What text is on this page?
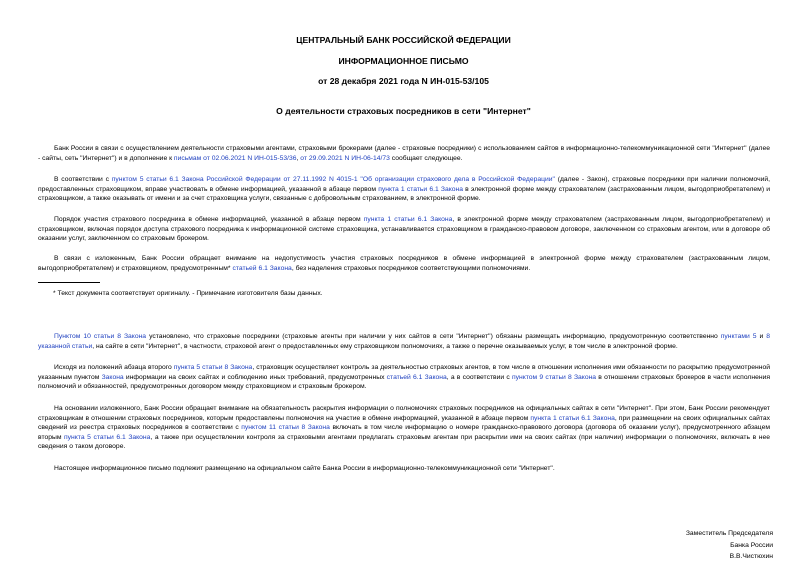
ЦЕНТРАЛЬНЫЙ БАНК РОССИЙСКОЙ ФЕДЕРАЦИИ
ИНФОРМАЦИОННОЕ ПИСЬМО
от 28 декабря 2021 года N ИН-015-53/105
О деятельности страховых посредников в сети "Интернет"
Банк России в связи с осуществлением деятельности страховыми агентами, страховыми брокерами (далее - страховые посредники) с использованием сайтов в информационно-телекоммуникационной сети "Интернет" (далее - сайты, сеть "Интернет") и в дополнение к письмам от 02.06.2021 N ИН-015-53/36, от 29.09.2021 N ИН-06-14/73 сообщает следующее.
В соответствии с пунктом 5 статьи 6.1 Закона Российской Федерации от 27.11.1992 N 4015-1 "Об организации страхового дела в Российской Федерации" (далее - Закон), страховые посредники при наличии полномочий, предоставленных страховщиком, вправе участвовать в обмене информацией, указанной в абзаце первом пункта 1 статьи 6.1 Закона в электронной форме между страхователем (застрахованным лицом, выгодоприобретателем) и страховщиком, а также оказывать от имени и за счет страховщика услуги, связанные с добровольным страхованием, в электронной форме.
Порядок участия страхового посредника в обмене информацией, указанной в абзаце первом пункта 1 статьи 6.1 Закона, в электронной форме между страхователем (застрахованным лицом, выгодоприобретателем) и страховщиком, включая порядок доступа страхового посредника к информационной системе страховщика, устанавливается страховщиком в гражданско-правовом договоре, заключенном со страховым агентом, или в договоре об оказании услуг, заключенном со страховым брокером.
В связи с изложенным, Банк России обращает внимание на недопустимость участия страховых посредников в обмене информацией в электронной форме между страхователем (застрахованным лицом, выгодоприобретателем) и страховщиком, предусмотренным* статьей 6.1 Закона, без наделения страховых посредников соответствующими полномочиями.
* Текст документа соответствует оригиналу. - Примечание изготовителя базы данных.
Пунктом 10 статьи 8 Закона установлено, что страховые посредники (страховые агенты при наличии у них сайтов в сети "Интернет") обязаны размещать информацию, предусмотренную соответственно пунктами 5 и 8 указанной статьи, на сайте в сети "Интернет", в частности, страховой агент о предоставленных ему страховщиком полномочиях, а также о перечне оказываемых услуг, в том числе в электронной форме.
Исходя из положений абзаца второго пункта 5 статьи 8 Закона, страховщик осуществляет контроль за деятельностью страховых агентов, в том числе в отношении исполнения ими обязанности по раскрытию предусмотренной указанным пунктом Закона информации на своих сайтах и соблюдению иных требований, предусмотренных статьей 6.1 Закона, а в соответствии с пунктом 9 статьи 8 Закона в отношении страховых брокеров в части исполнения полномочий и обязанностей, предусмотренных договором между страховщиком и страховым брокером.
На основании изложенного, Банк России обращает внимание на обязательность раскрытия информации о полномочиях страховых посредников на официальных сайтах в сети "Интернет". При этом, Банк России рекомендует страховщикам в отношении страховых посредников, которым предоставлены полномочия на участие в обмене информацией, указанной в абзаце первом пункта 1 статьи 6.1 Закона, при размещении на своих официальных сайтах сведений из реестра страховых посредников в соответствии с пунктом 11 статьи 8 Закона включать в том числе информацию о номере гражданско-правового договора (договора об оказании услуг), предусмотренного абзацем вторым пункта 5 статьи 6.1 Закона, а также при осуществлении контроля за страховыми агентами предлагать страховым агентам при раскрытии ими на своих сайтах (при наличии) информации о полномочиях, включать в нее сведения о таком договоре.
Настоящее информационное письмо подлежит размещению на официальном сайте Банка России в информационно-телекоммуникационной сети "Интернет".
Заместитель Председателя
Банка России
В.В.Чистюхин
